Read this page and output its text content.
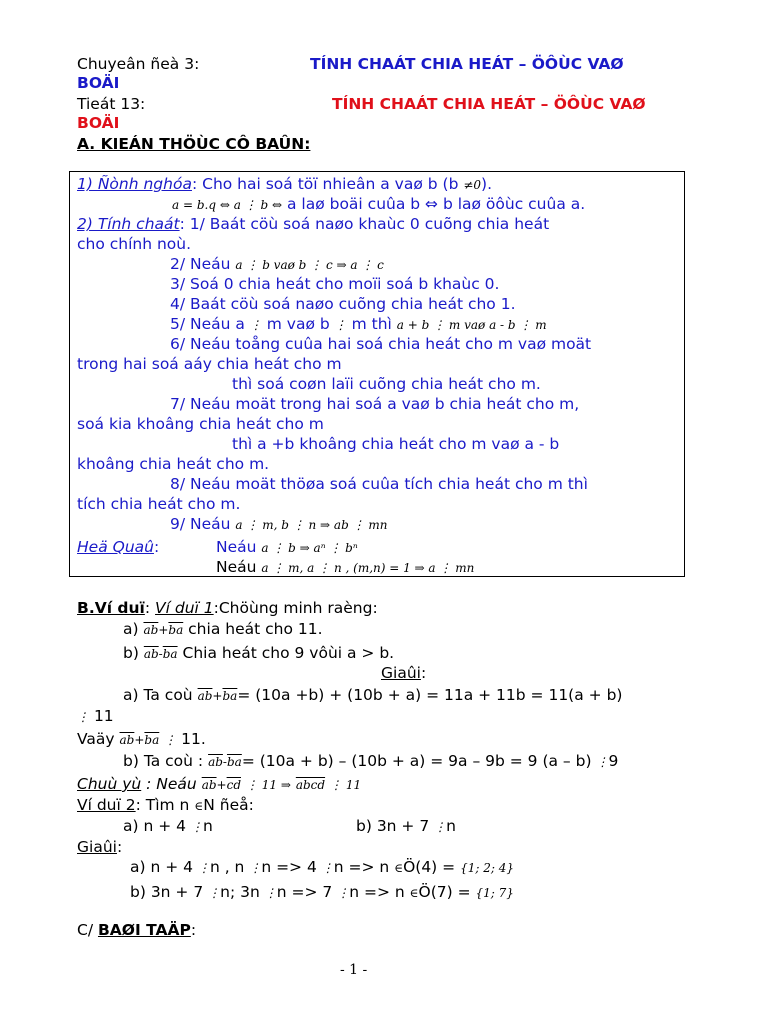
Chuyeân ñeà 3:	TÍNH CHAÁT CHIA HEÁT – ÖÔÙC VAØ
BOÄI
Tieát 13:	TÍNH CHAÁT CHIA HEÁT – ÖÔÙC VAØ
BOÄI
A. KIEÁN THÖÙC CÔ BAÛN:
1) Ñònh nghóa: Cho hai soá töï nhieân a vaø b (b ≠0).
a = b.q ⇔ a ⋮ b ⇔ a laø boäi cuûa b ⇔ b laø öôùc cuûa a.
2) Tính chaát: 1/ Baát cöù soá naøo khaùc 0 cuõng chia heát
cho chính noù.
2/ Neáu a ⋮ b vaø b ⋮ c ⇒ a ⋮ c
3/ Soá 0 chia heát cho moïi soá b khaùc 0.
4/ Baát cöù soá naøo cuõng chia heát cho 1.
5/ Neáu a ⋮ m vaø b ⋮ m thì a + b ⋮ m vaø a - b ⋮ m
6/ Neáu toång cuûa hai soá chia heát cho m vaø moät
trong hai soá aáy chia heát cho m
thì soá coøn laïi cuõng chia heát cho m.
7/ Neáu moät trong hai soá a vaø b chia heát cho m,
soá kia khoâng chia heát cho m
thì a +b khoâng chia heát cho m vaø a - b
khoâng chia heát cho m.
8/ Neáu moät thöøa soá cuûa tích chia heát cho m thì
tích chia heát cho m.
9/ Neáu a ⋮ m, b ⋮ n ⇒ ab ⋮ mn
Heä Quaû:	Neáu a ⋮ b ⇒ aⁿ ⋮ bⁿ
Neáu a ⋮ m, a ⋮ n , (m,n) = 1 ⇒ a ⋮ mn
B.Ví duï: Ví duï 1:Chöùng minh raèng:
a) $\overline{ab}+\overline{ba}$ chia heát cho 11.
b) $\overline{ab}-\overline{ba}$ Chia heát cho 9 vôùi a > b.
Giaûi:
a) Ta coù $\overline{ab}+\overline{ba}= (10a +b) + (10b + a) = 11a + 11b = 11(a + b)$
⋮ 11
Vaäy $\overline{ab}+\overline{ba}$ ⋮ 11.
b) Ta coù : $\overline{ab}-\overline{ba}= (10a + b) - (10b + a) = 9a - 9b = 9$ (a – b) ⋮9
Chuù yù : Neáu $\overline{ab}+\overline{cd}$ ⋮ 11 ⇒ abcd ⋮ 11
Ví duï 2: Tìm n ∈N ñeå:
a) n + 4 ⋮n	b) 3n + 7 ⋮n
Giaûi:
a) n + 4 ⋮n , n ⋮n => 4 ⋮n => n ∈Ö(4) = {1; 2; 4}
b) 3n + 7 ⋮n; 3n ⋮n => 7 ⋮n => n ∈Ö(7) = {1; 7}
C/ BAØI TAÄP:
- 1 -
